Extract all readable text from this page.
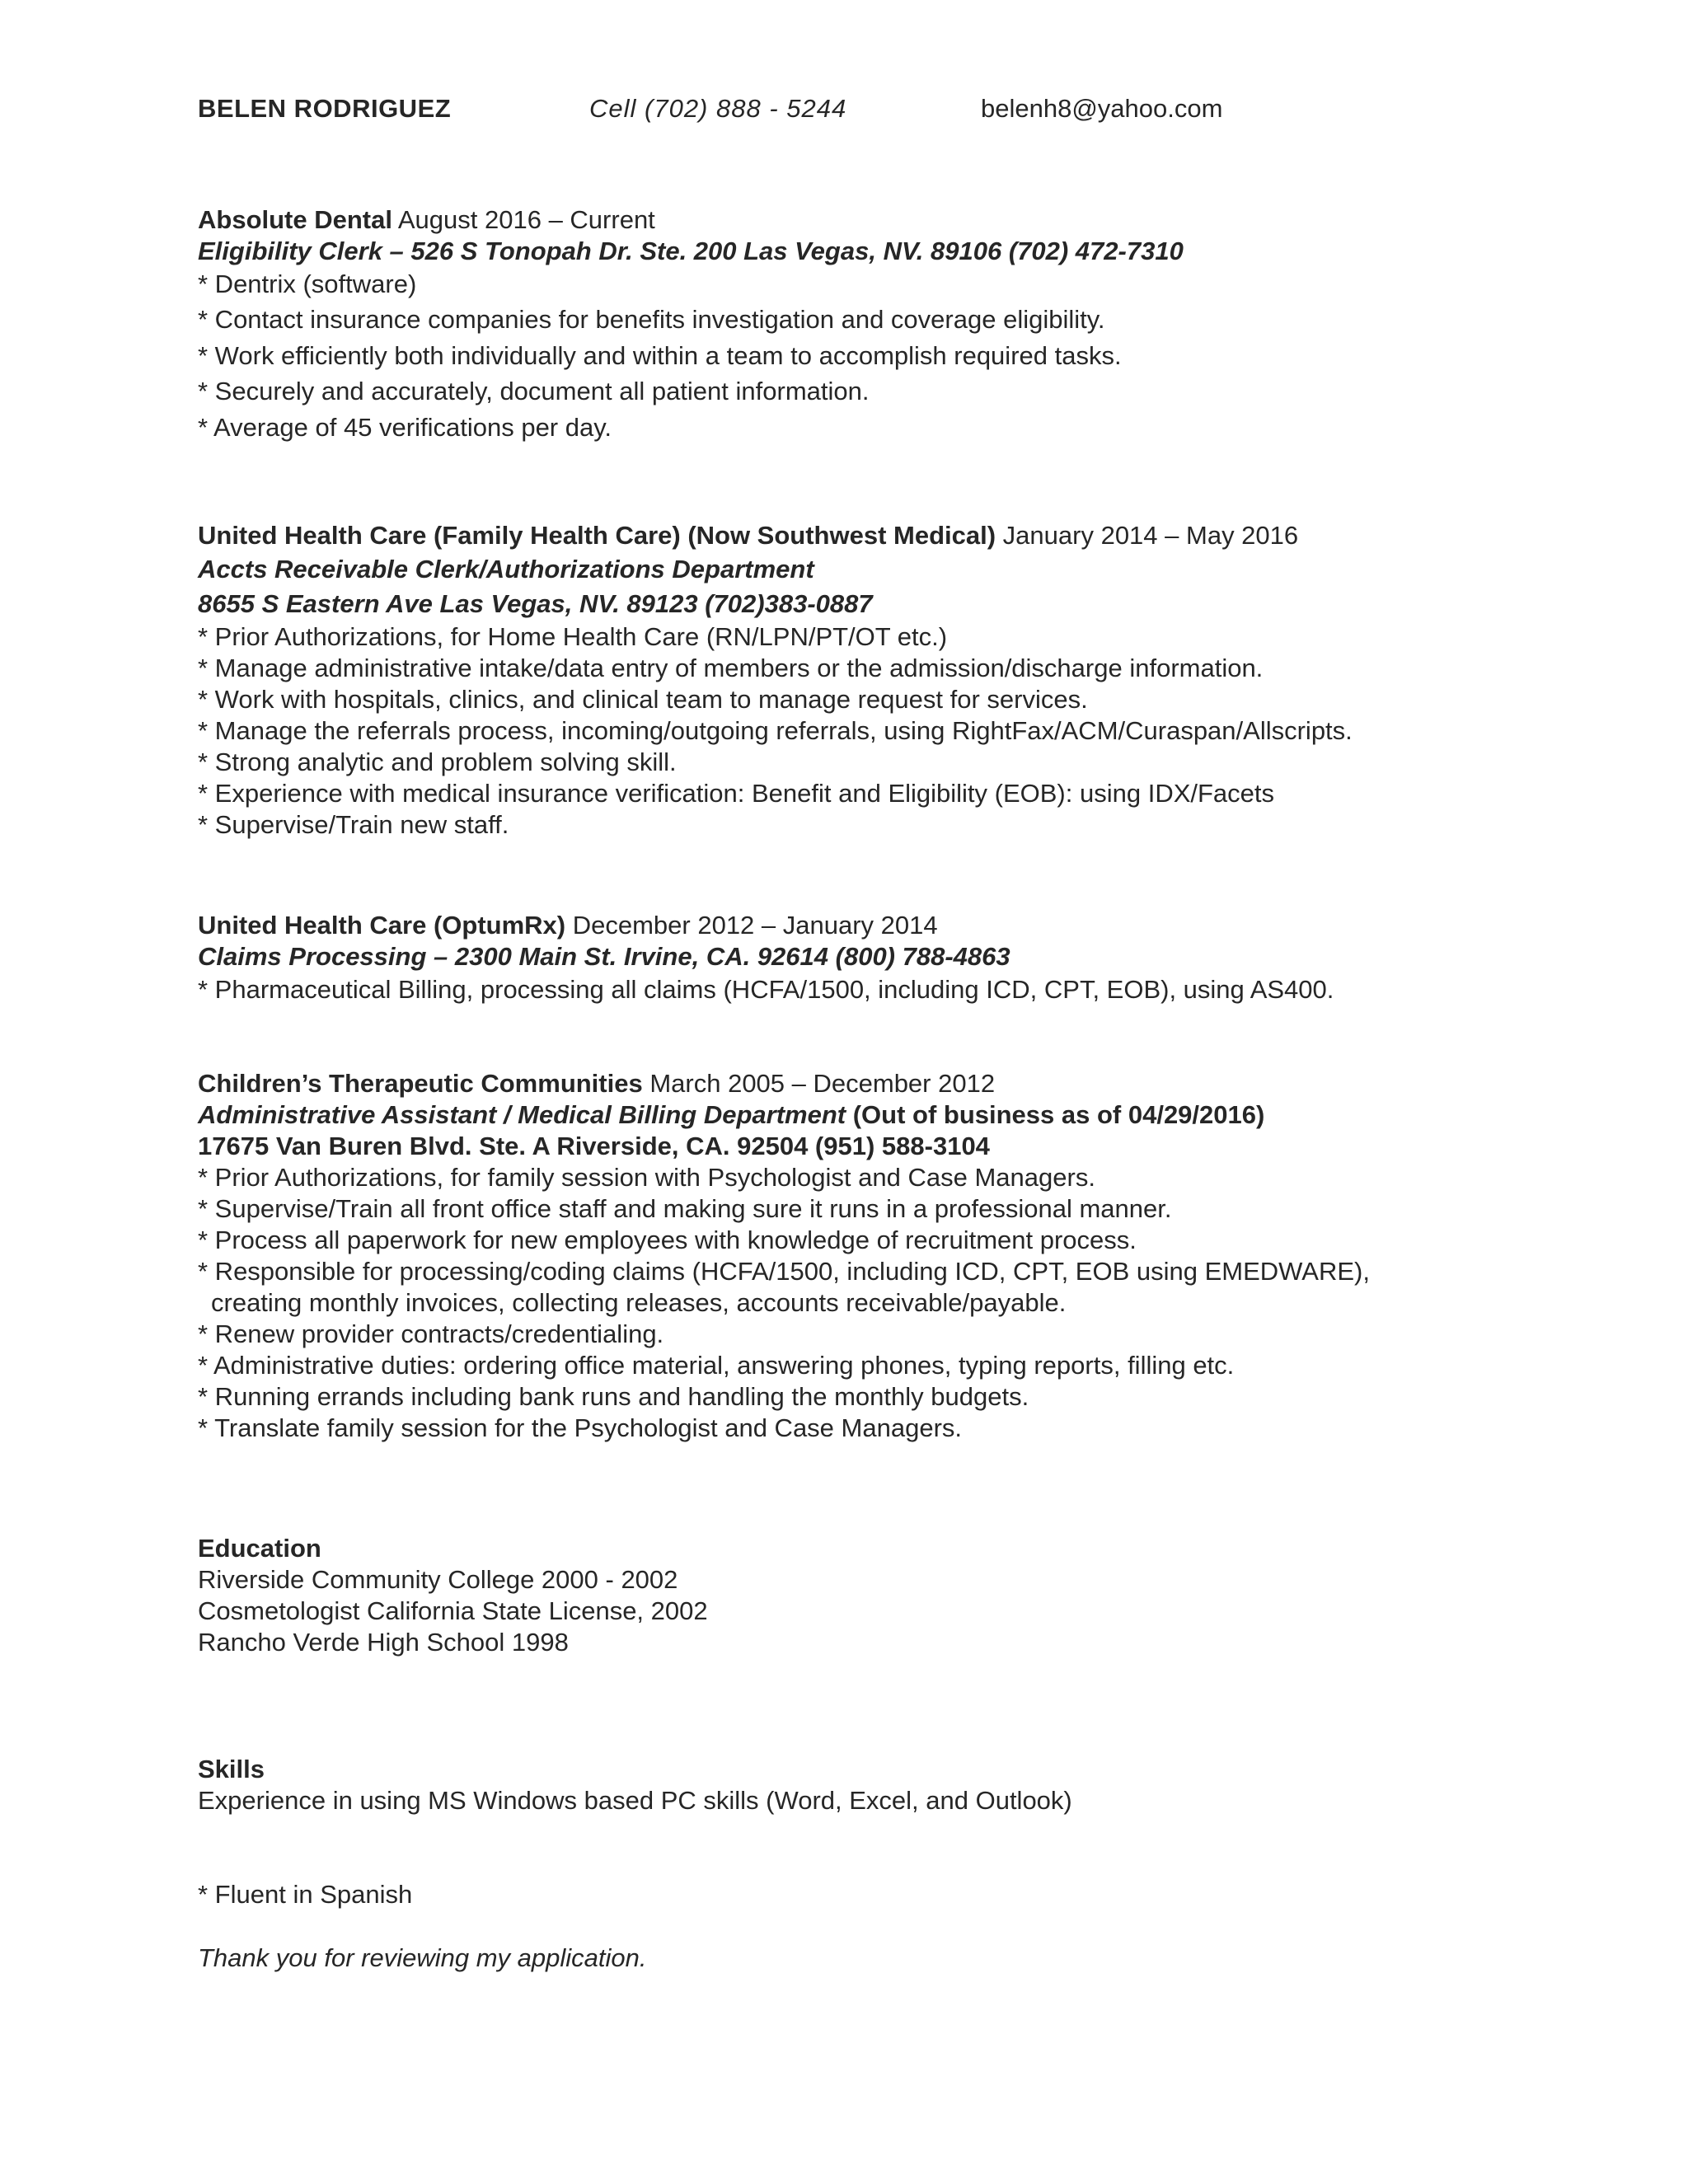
BELEN RODRIGUEZ	Cell (702) 888 - 5244	belenh8@yahoo.com
Absolute Dental August 2016 – Current
Eligibility Clerk – 526 S Tonopah Dr. Ste. 200 Las Vegas, NV. 89106 (702) 472-7310
* Dentrix (software)
* Contact insurance companies for benefits investigation and coverage eligibility.
* Work efficiently both individually and within a team to accomplish required tasks.
* Securely and accurately, document all patient information.
* Average of 45 verifications per day.
United Health Care (Family Health Care) (Now Southwest Medical) January 2014 – May 2016
Accts Receivable Clerk/Authorizations Department
8655 S Eastern Ave Las Vegas, NV. 89123 (702)383-0887
* Prior Authorizations, for Home Health Care (RN/LPN/PT/OT etc.)
* Manage administrative intake/data entry of members or the admission/discharge information.
* Work with hospitals, clinics, and clinical team to manage request for services.
* Manage the referrals process, incoming/outgoing referrals, using RightFax/ACM/Curaspan/Allscripts.
* Strong analytic and problem solving skill.
* Experience with medical insurance verification: Benefit and Eligibility (EOB): using IDX/Facets
* Supervise/Train new staff.
United Health Care (OptumRx) December 2012 – January 2014
Claims Processing – 2300 Main St. Irvine, CA. 92614 (800) 788-4863
* Pharmaceutical Billing, processing all claims (HCFA/1500, including ICD, CPT, EOB), using AS400.
Children’s Therapeutic Communities March 2005 – December 2012
Administrative Assistant / Medical Billing Department (Out of business as of 04/29/2016)
17675 Van Buren Blvd. Ste. A Riverside, CA. 92504 (951) 588-3104
* Prior Authorizations, for family session with Psychologist and Case Managers.
* Supervise/Train all front office staff and making sure it runs in a professional manner.
* Process all paperwork for new employees with knowledge of recruitment process.
* Responsible for processing/coding claims (HCFA/1500, including ICD, CPT, EOB using EMEDWARE),
creating monthly invoices, collecting releases, accounts receivable/payable.
* Renew provider contracts/credentialing.
* Administrative duties: ordering office material, answering phones, typing reports, filling etc.
* Running errands including bank runs and handling the monthly budgets.
* Translate family session for the Psychologist and Case Managers.
Education
Riverside Community College 2000 - 2002
Cosmetologist California State License, 2002
Rancho Verde High School 1998
Skills
Experience in using MS Windows based PC skills (Word, Excel, and Outlook)
* Fluent in Spanish
Thank you for reviewing my application.
